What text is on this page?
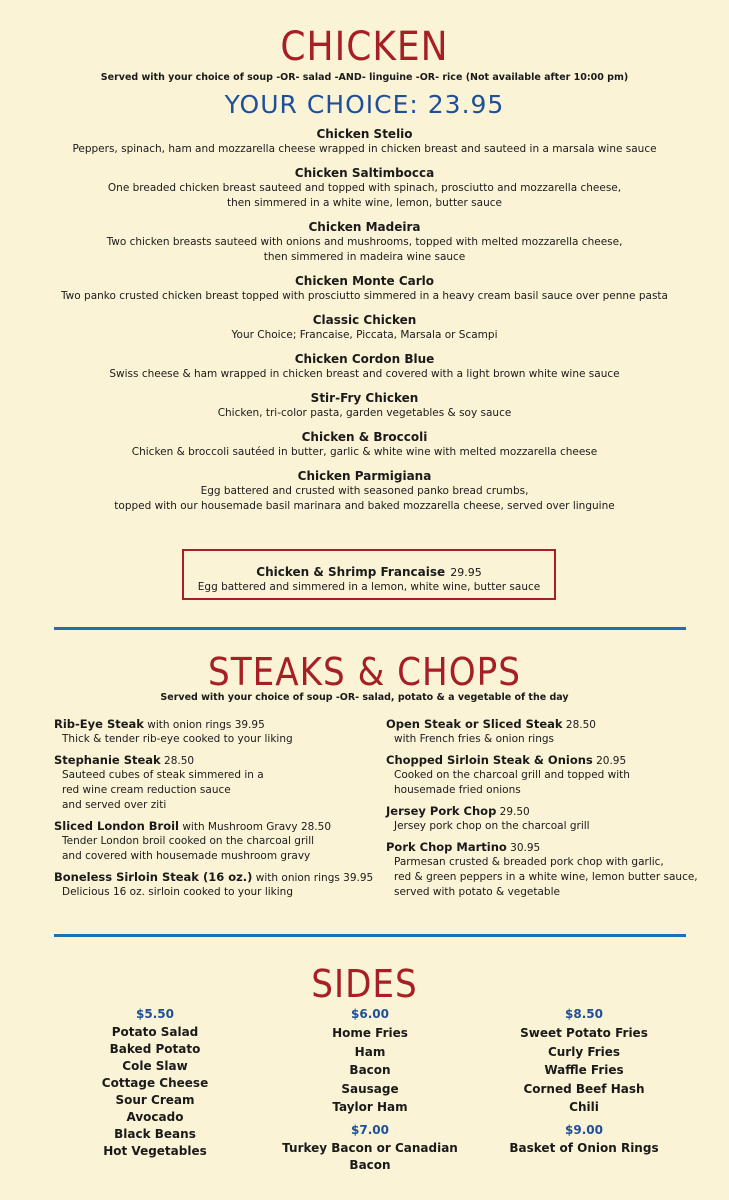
CHICKEN
Served with your choice of soup -OR- salad -AND- linguine -OR- rice (Not available after 10:00 pm)
YOUR CHOICE: 23.95
Chicken Stelio
Peppers, spinach, ham and mozzarella cheese wrapped in chicken breast and sauteed in a marsala wine sauce
Chicken Saltimbocca
One breaded chicken breast sauteed and topped with spinach, prosciutto and mozzarella cheese,
then simmered in a white wine, lemon, butter sauce
Chicken Madeira
Two chicken breasts sauteed with onions and mushrooms, topped with melted mozzarella cheese,
then simmered in madeira wine sauce
Chicken Monte Carlo
Two panko crusted chicken breast topped with prosciutto simmered in a heavy cream basil sauce over penne pasta
Classic Chicken
Your Choice; Francaise, Piccata, Marsala or Scampi
Chicken Cordon Blue
Swiss cheese & ham wrapped in chicken breast and covered with a light brown white wine sauce
Stir-Fry Chicken
Chicken, tri-color pasta, garden vegetables & soy sauce
Chicken & Broccoli
Chicken & broccoli sautéed in butter, garlic & white wine with melted mozzarella cheese
Chicken Parmigiana
Egg battered and crusted with seasoned panko bread crumbs,
topped with our housemade basil marinara and baked mozzarella cheese, served over linguine
Chicken & Shrimp Francaise 29.95
Egg battered and simmered in a lemon, white wine, butter sauce
STEAKS & CHOPS
Served with your choice of soup -OR- salad, potato & a vegetable of the day
Rib-Eye Steak with onion rings 39.95
Thick & tender rib-eye cooked to your liking
Stephanie Steak 28.50
Sauteed cubes of steak simmered in a
red wine cream reduction sauce
and served over ziti
Sliced London Broil with Mushroom Gravy 28.50
Tender London broil cooked on the charcoal grill
and covered with housemade mushroom gravy
Boneless Sirloin Steak (16 oz.) with onion rings 39.95
Delicious 16 oz. sirloin cooked to your liking
Open Steak or Sliced Steak 28.50
with French fries & onion rings
Chopped Sirloin Steak & Onions 20.95
Cooked on the charcoal grill and topped with
housemade fried onions
Jersey Pork Chop 29.50
Jersey pork chop on the charcoal grill
Pork Chop Martino 30.95
Parmesan crusted & breaded pork chop with garlic,
red & green peppers in a white wine, lemon butter sauce,
served with potato & vegetable
SIDES
$5.50
Potato Salad
Baked Potato
Cole Slaw
Cottage Cheese
Sour Cream
Avocado
Black Beans
Hot Vegetables
$6.00
Home Fries
Ham
Bacon
Sausage
Taylor Ham
$7.00
Turkey Bacon or Canadian Bacon
$8.50
Sweet Potato Fries
Curly Fries
Waffle Fries
Corned Beef Hash
Chili
$9.00
Basket of Onion Rings
